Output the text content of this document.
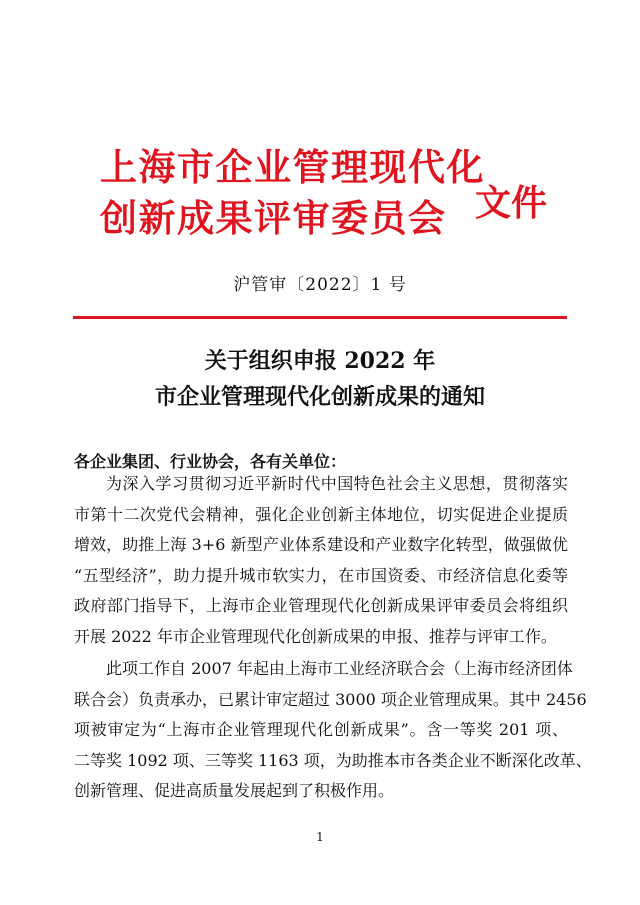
上海市企业管理现代化
创新成果评审委员会 文件
沪管审〔2022〕1 号
关于组织申报 2022 年
市企业管理现代化创新成果的通知
各企业集团、行业协会，各有关单位：
为深入学习贯彻习近平新时代中国特色社会主义思想，贯彻落实
市第十二次党代会精神，强化企业创新主体地位，切实促进企业提质
增效，助推上海 3+6 新型产业体系建设和产业数字化转型，做强做优
“五型经济”，助力提升城市软实力，在市国资委、市经济信息化委等
政府部门指导下，上海市企业管理现代化创新成果评审委员会将组织
开展 2022 年市企业管理现代化创新成果的申报、推荐与评审工作。
此项工作自 2007 年起由上海市工业经济联合会（上海市经济团体
联合会）负责承办，已累计审定超过 3000 项企业管理成果。其中 2456
项被审定为“上海市企业管理现代化创新成果”。含一等奖 201 项、
二等奖 1092 项、三等奖 1163 项，为助推本市各类企业不断深化改革、
创新管理、促进高质量发展起到了积极作用。
1
